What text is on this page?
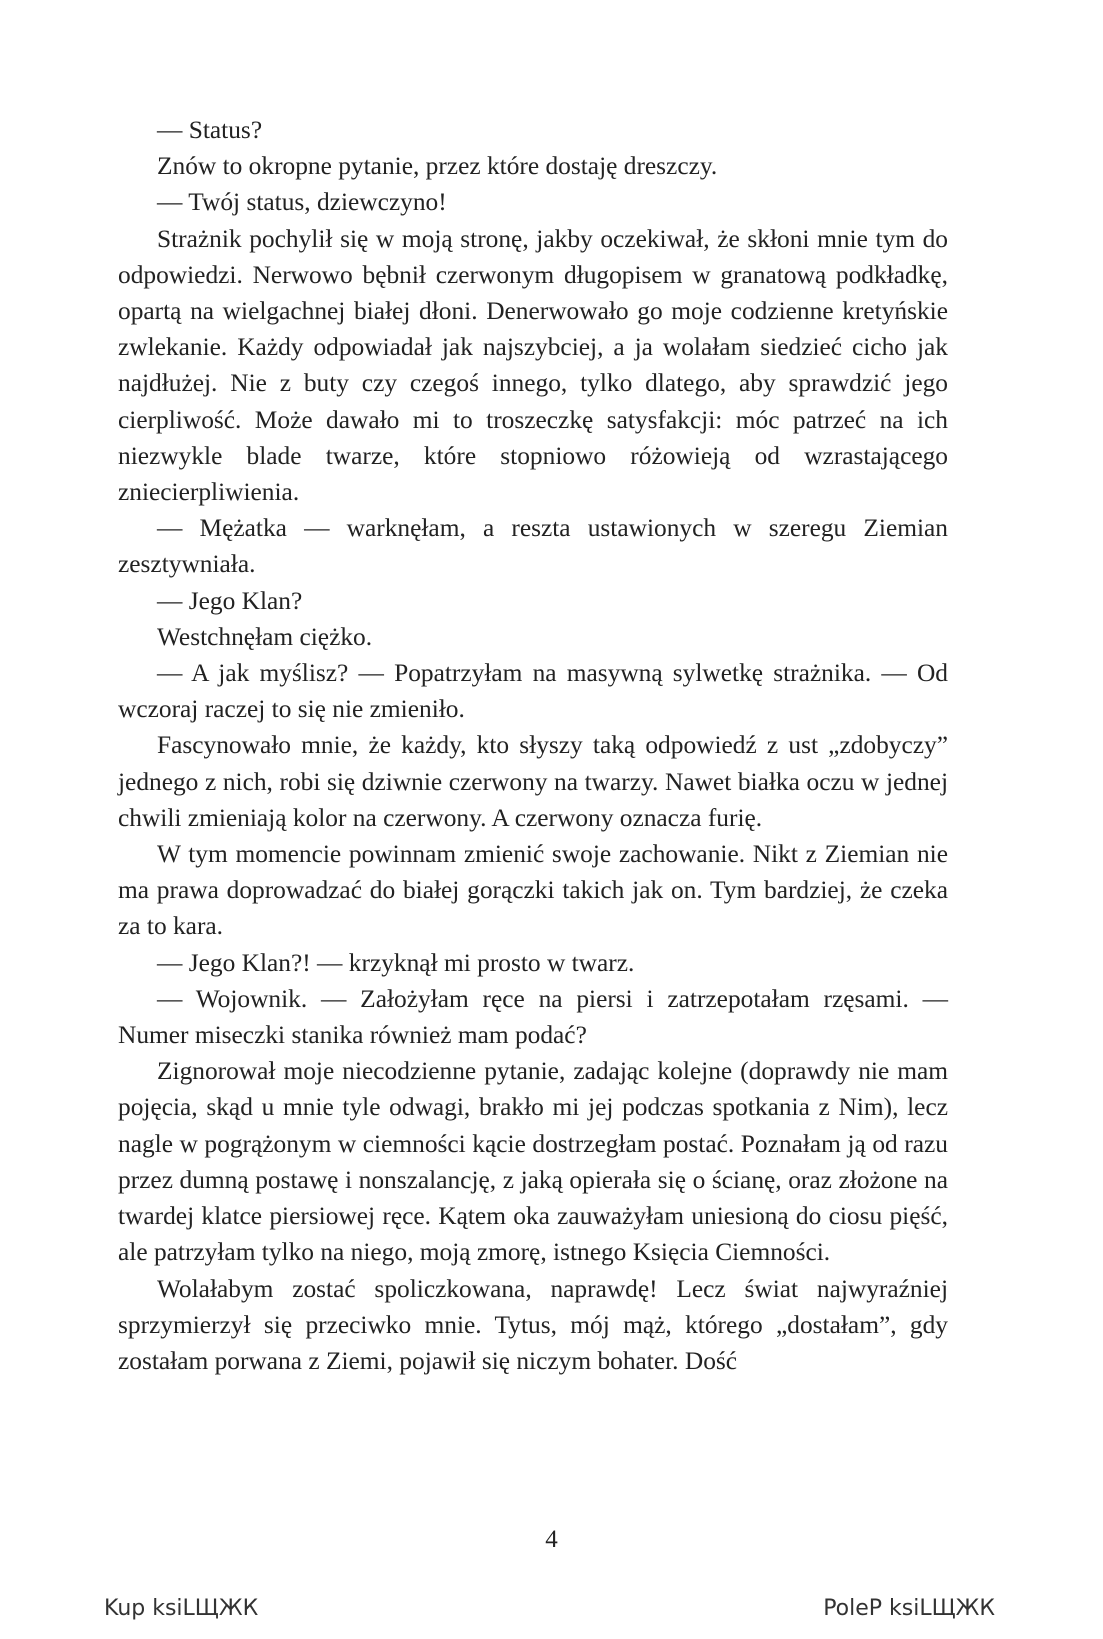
— Status?

Znów to okropne pytanie, przez które dostaję dreszczy.

— Twój status, dziewczyno!

Strażnik pochylił się w moją stronę, jakby oczekiwał, że skłoni mnie tym do odpowiedzi. Nerwowo bębnił czerwonym długopisem w granatową podkładkę, opartą na wielgachnej białej dłoni. Denerwowało go moje codzienne kretyńskie zwlekanie. Każdy odpowiadał jak najszybciej, a ja wolałam siedzieć cicho jak najdłużej. Nie z buty czy czegoś innego, tylko dlatego, aby sprawdzić jego cierpliwość. Może dawało mi to troszeczkę satysfakcji: móc patrzeć na ich niezwykle blade twarze, które stopniowo różowieją od wzrastającego zniecierpliwienia.

— Mężatka — warknęłam, a reszta ustawionych w szeregu Ziemian zesztywniała.

— Jego Klan?

Westchnęłam ciężko.

— A jak myślisz? — Popatrzyłam na masywną sylwetkę strażnika. — Od wczoraj raczej to się nie zmieniło.

Fascynowało mnie, że każdy, kto słyszy taką odpowiedź z ust „zdobyczy” jednego z nich, robi się dziwnie czerwony na twarzy. Nawet białka oczu w jednej chwili zmieniają kolor na czerwony. A czerwony oznacza furię.

W tym momencie powinnam zmienić swoje zachowanie. Nikt z Ziemian nie ma prawa doprowadzać do białej gorączki takich jak on. Tym bardziej, że czeka za to kara.

— Jego Klan?! — krzyknął mi prosto w twarz.

— Wojownik. — Założyłam ręce na piersi i zatrzepotałam rzęsami. — Numer miseczki stanika również mam podać?

Zignorował moje niecodzienne pytanie, zadając kolejne (doprawdy nie mam pojęcia, skąd u mnie tyle odwagi, brakło mi jej podczas spotkania z Nim), lecz nagle w pogrążonym w ciemności kącie dostrzegłam postać. Poznałam ją od razu przez dumną postawę i nonszalancję, z jaką opierała się o ścianę, oraz złożone na twardej klatce piersiowej ręce. Kątem oka zauważyłam uniesioną do ciosu pięść, ale patrzyłam tylko na niego, moją zmorę, istnego Księcia Ciemności.

Wolałabym zostać spoliczkowana, naprawdę! Lecz świat najwyraźniej sprzymierzył się przeciwko mnie. Tytus, mój mąż, którego „dostałam”, gdy zostałam porwana z Ziemi, pojawił się niczym bohater. Dość

4
Kup ksiLЩЖК	PoleP ksiLЩЖК
